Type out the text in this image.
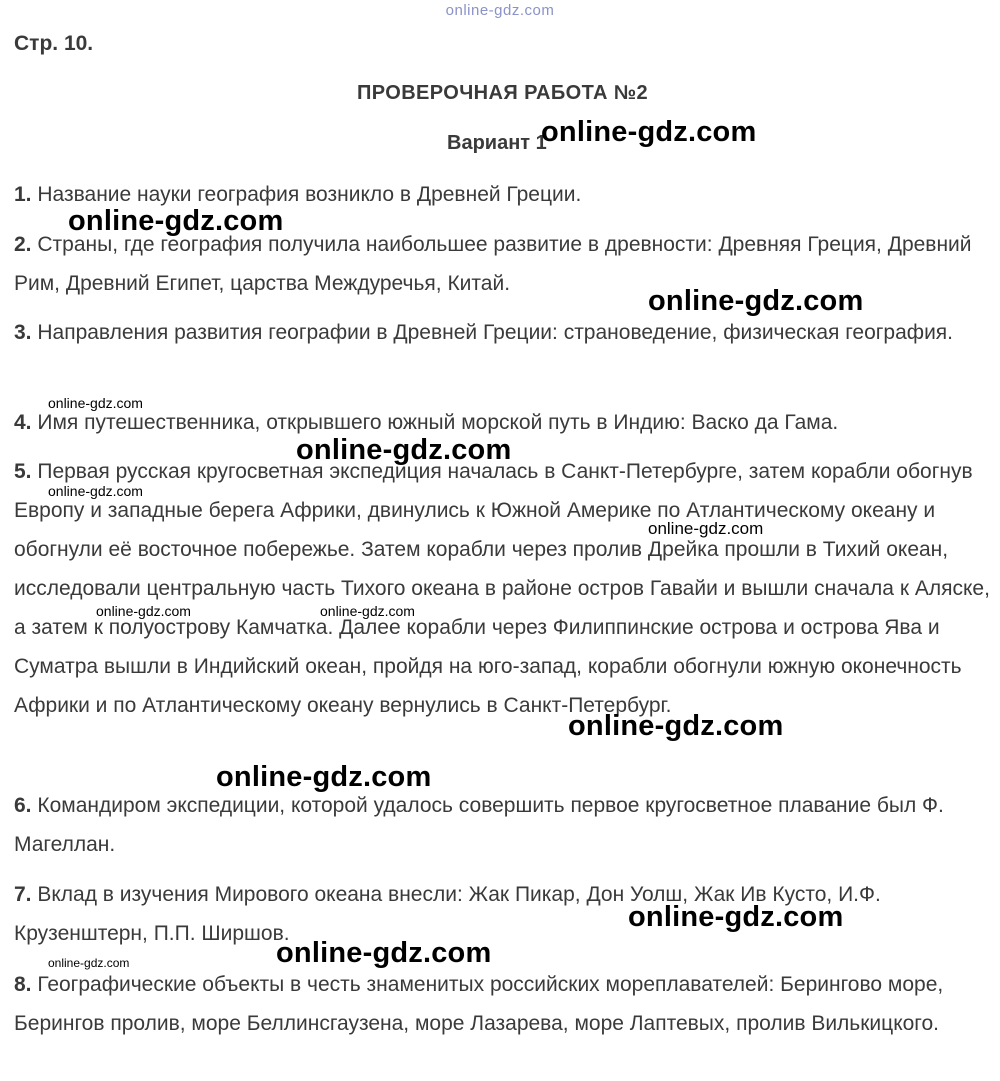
online-gdz.com
Стр. 10.
ПРОВЕРОЧНАЯ РАБОТА №2
Вариант 1
1. Название науки география возникло в Древней Греции.
2. Страны, где география получила наибольшее развитие в древности: Древняя Греция, Древний Рим, Древний Египет, царства Междуречья, Китай.
3. Направления развития географии в Древней Греции: страноведение, физическая география.
4. Имя путешественника, открывшего южный морской путь в Индию: Васко да Гама.
5. Первая русская кругосветная экспедиция началась в Санкт-Петербурге, затем корабли обогнув Европу и западные берега Африки, двинулись к Южной Америке по Атлантическому океану и обогнули её восточное побережье. Затем корабли через пролив Дрейка прошли в Тихий океан, исследовали центральную часть Тихого океана в районе остров Гавайи и вышли сначала к Аляске, а затем к полуострову Камчатка. Далее корабли через Филиппинские острова и острова Ява и Суматра вышли в Индийский океан, пройдя на юго-запад, корабли обогнули южную оконечность Африки и по Атлантическому океану вернулись в Санкт-Петербург.
6. Командиром экспедиции, которой удалось совершить первое кругосветное плавание был Ф. Магеллан.
7. Вклад в изучения Мирового океана внесли: Жак Пикар, Дон Уолш, Жак Ив Кусто, И.Ф. Крузенштерн, П.П. Ширшов.
8. Географические объекты в честь знаменитых российских мореплавателей: Берингово море, Берингов пролив, море Беллинсгаузена, море Лазарева, море Лаптевых, пролив Вилькицкого.
online-gdz.com
online-gdz.com
online-gdz.com
online-gdz.com
online-gdz.com
online-gdz.com
online-gdz.com
online-gdz.com
online-gdz.com
online-gdz.com
online-gdz.com
online-gdz.com	online-gdz.com
online-gdz.com
